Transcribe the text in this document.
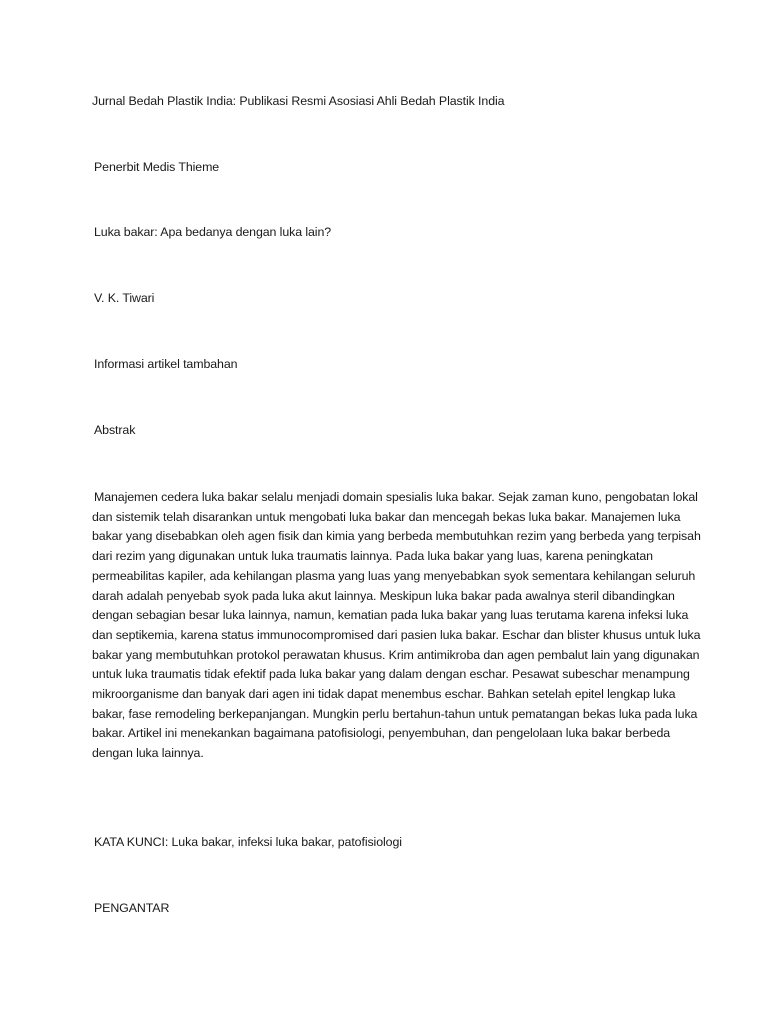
Jurnal Bedah Plastik India: Publikasi Resmi Asosiasi Ahli Bedah Plastik India
Penerbit Medis Thieme
Luka bakar: Apa bedanya dengan luka lain?
V. K. Tiwari
Informasi artikel tambahan
Abstrak
Manajemen cedera luka bakar selalu menjadi domain spesialis luka bakar. Sejak zaman kuno, pengobatan lokal dan sistemik telah disarankan untuk mengobati luka bakar dan mencegah bekas luka bakar. Manajemen luka bakar yang disebabkan oleh agen fisik dan kimia yang berbeda membutuhkan rezim yang berbeda yang terpisah dari rezim yang digunakan untuk luka traumatis lainnya. Pada luka bakar yang luas, karena peningkatan permeabilitas kapiler, ada kehilangan plasma yang luas yang menyebabkan syok sementara kehilangan seluruh darah adalah penyebab syok pada luka akut lainnya. Meskipun luka bakar pada awalnya steril dibandingkan dengan sebagian besar luka lainnya, namun, kematian pada luka bakar yang luas terutama karena infeksi luka dan septikemia, karena status immunocompromised dari pasien luka bakar. Eschar dan blister khusus untuk luka bakar yang membutuhkan protokol perawatan khusus. Krim antimikroba dan agen pembalut lain yang digunakan untuk luka traumatis tidak efektif pada luka bakar yang dalam dengan eschar. Pesawat subeschar menampung mikroorganisme dan banyak dari agen ini tidak dapat menembus eschar. Bahkan setelah epitel lengkap luka bakar, fase remodeling berkepanjangan. Mungkin perlu bertahun-tahun untuk pematangan bekas luka pada luka bakar. Artikel ini menekankan bagaimana patofisiologi, penyembuhan, dan pengelolaan luka bakar berbeda dengan luka lainnya.
KATA KUNCI: Luka bakar, infeksi luka bakar, patofisiologi
PENGANTAR
